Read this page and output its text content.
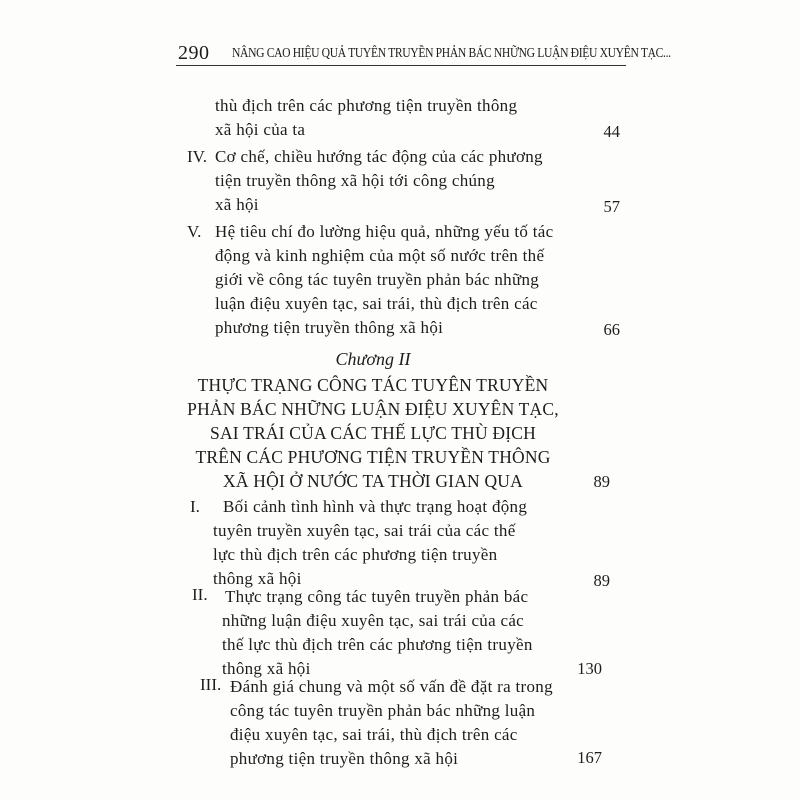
290 NÂNG CAO HIỆU QUẢ TUYÊN TRUYỀN PHẢN BÁC NHỮNG LUẬN ĐIỆU XUYÊN TẠC...
thù địch trên các phương tiện truyền thông
xã hội của ta	44
IV. Cơ chế, chiều hướng tác động của các phương
tiện truyền thông xã hội tới công chúng
xã hội	57
V. Hệ tiêu chí đo lường hiệu quả, những yếu tố tác
động và kinh nghiệm của một số nước trên thế
giới về công tác tuyên truyền phản bác những
luận điệu xuyên tạc, sai trái, thù địch trên các
phương tiện truyền thông xã hội	66
Chương II
THỰC TRẠNG CÔNG TÁC TUYÊN TRUYỀN
PHẢN BÁC NHỮNG LUẬN ĐIỆU XUYÊN TẠC,
SAI TRÁI CỦA CÁC THẾ LỰC THÙ ĐỊCH
TRÊN CÁC PHƯƠNG TIỆN TRUYỀN THÔNG
XÃ HỘI Ở NƯỚC TA THỜI GIAN QUA	89
I. Bối cảnh tình hình và thực trạng hoạt động
tuyên truyền xuyên tạc, sai trái của các thế
lực thù địch trên các phương tiện truyền
thông xã hội	89
II. Thực trạng công tác tuyên truyền phản bác
những luận điệu xuyên tạc, sai trái của các
thế lực thù địch trên các phương tiện truyền
thông xã hội	130
III. Đánh giá chung và một số vấn đề đặt ra trong
công tác tuyên truyền phản bác những luận
điệu xuyên tạc, sai trái, thù địch trên các
phương tiện truyền thông xã hội	167
